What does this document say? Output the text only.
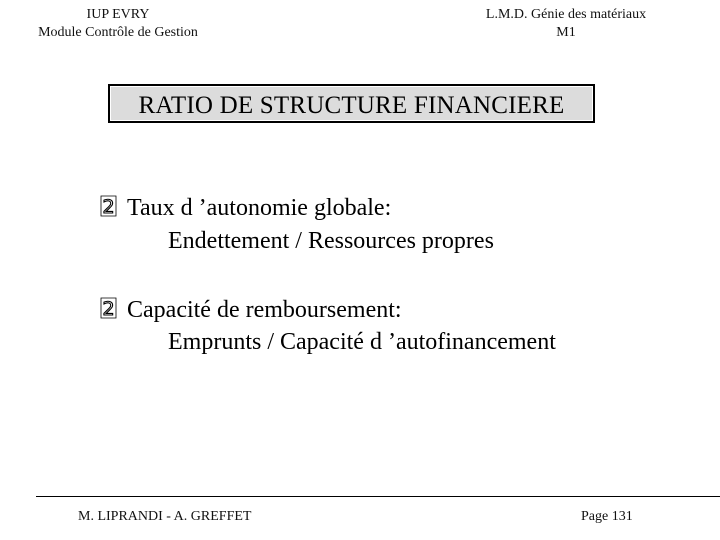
IUP EVRY
Module Contrôle de Gestion
L.M.D. Génie des matériaux
M1
RATIO DE STRUCTURE FINANCIERE
2 Taux d ’autonomie globale:
Endettement / Ressources propres
2 Capacité de remboursement:
Emprunts / Capacité d ’autofinancement
M. LIPRANDI - A. GREFFET	Page 131
